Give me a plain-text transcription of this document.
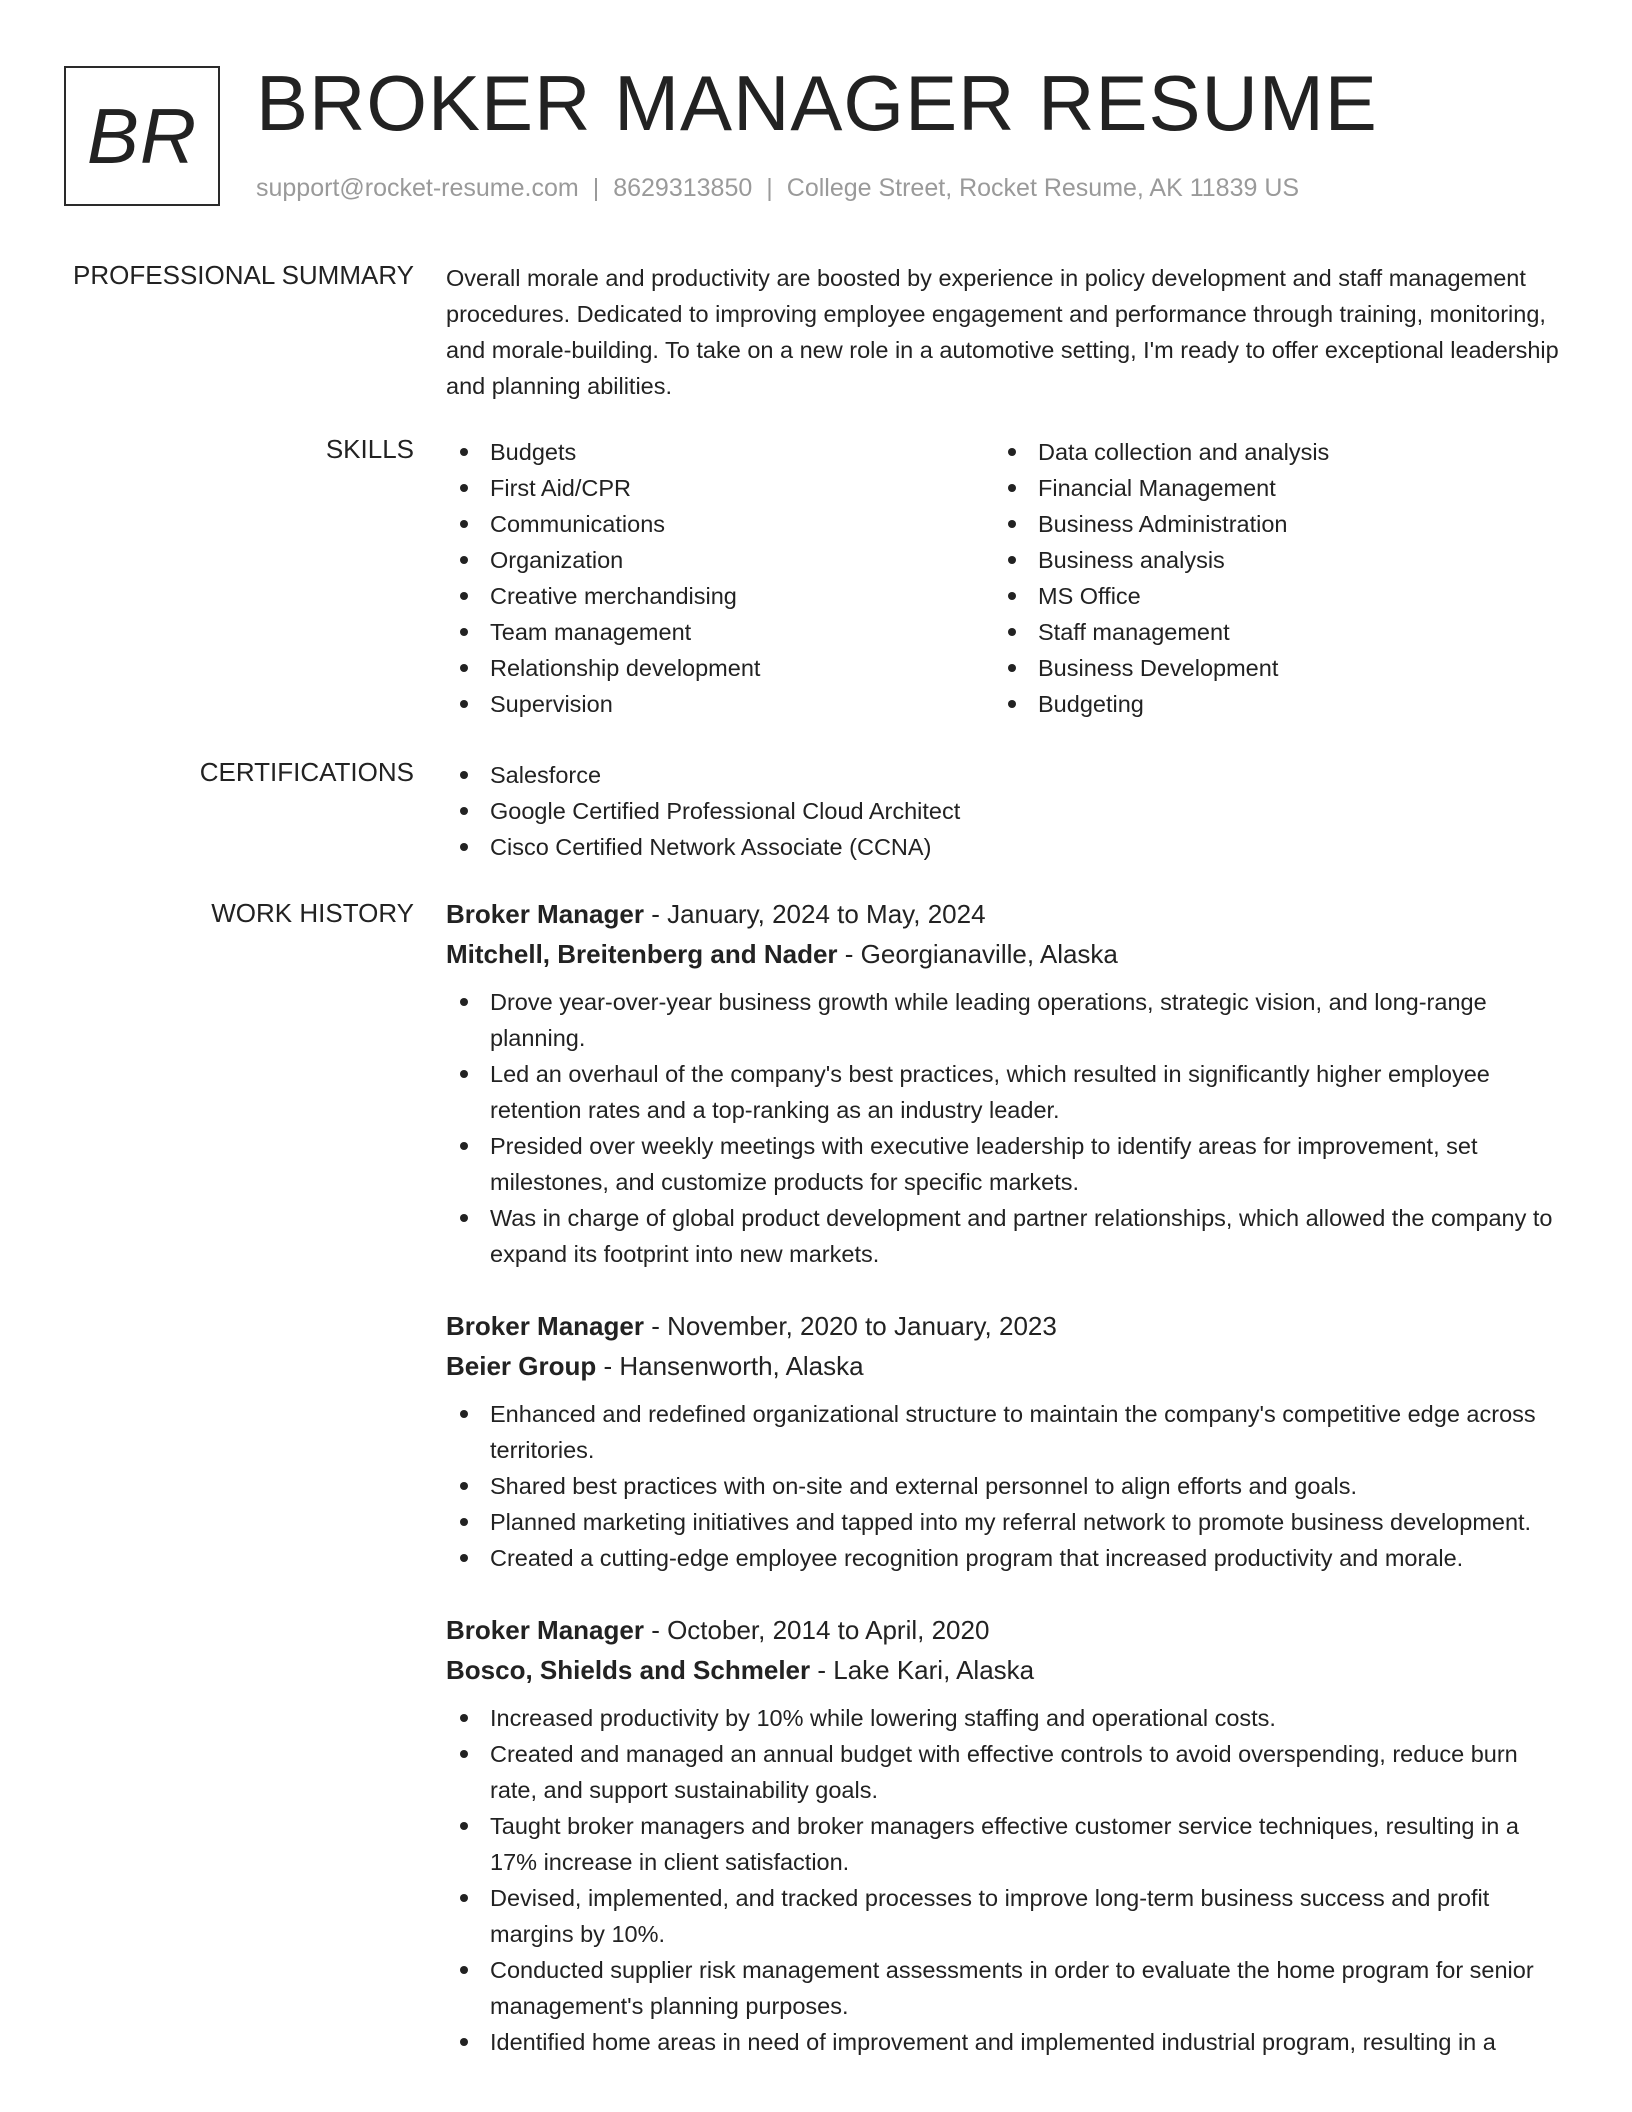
BR BROKER MANAGER RESUME
support@rocket-resume.com | 8629313850 | College Street, Rocket Resume, AK 11839 US
PROFESSIONAL SUMMARY Overall morale and productivity are boosted by experience in policy development and staff management procedures. Dedicated to improving employee engagement and performance through training, monitoring, and morale-building. To take on a new role in a automotive setting, I'm ready to offer exceptional leadership and planning abilities.

SKILLS	Budgets
First Aid/CPR
Communications
Organization
Creative merchandising
Team management
Relationship development
Supervision
Data collection and analysis
Financial Management
Business Administration
Business analysis
MS Office
Staff management
Business Development
Budgeting
CERTIFICATIONS	Salesforce
Google Certified Professional Cloud Architect
Cisco Certified Network Associate (CCNA)
WORK HISTORY Broker Manager - January, 2024 to May, 2024
Mitchell, Breitenberg and Nader - Georgianaville, Alaska
Drove year-over-year business growth while leading operations, strategic vision, and long-range planning.
Led an overhaul of the company's best practices, which resulted in significantly higher employee retention rates and a top-ranking as an industry leader.
Presided over weekly meetings with executive leadership to identify areas for improvement, set milestones, and customize products for specific markets.
Was in charge of global product development and partner relationships, which allowed the company to expand its footprint into new markets.
Broker Manager - November, 2020 to January, 2023
Beier Group - Hansenworth, Alaska
Enhanced and redefined organizational structure to maintain the company's competitive edge across territories.
Shared best practices with on-site and external personnel to align efforts and goals.
Planned marketing initiatives and tapped into my referral network to promote business development.
Created a cutting-edge employee recognition program that increased productivity and morale.
Broker Manager - October, 2014 to April, 2020
Bosco, Shields and Schmeler - Lake Kari, Alaska
Increased productivity by 10% while lowering staffing and operational costs.
Created and managed an annual budget with effective controls to avoid overspending, reduce burn rate, and support sustainability goals.
Taught broker managers and broker managers effective customer service techniques, resulting in a 17% increase in client satisfaction.
Devised, implemented, and tracked processes to improve long-term business success and profit margins by 10%.
Conducted supplier risk management assessments in order to evaluate the home program for senior management's planning purposes.
Identified home areas in need of improvement and implemented industrial program, resulting in a
